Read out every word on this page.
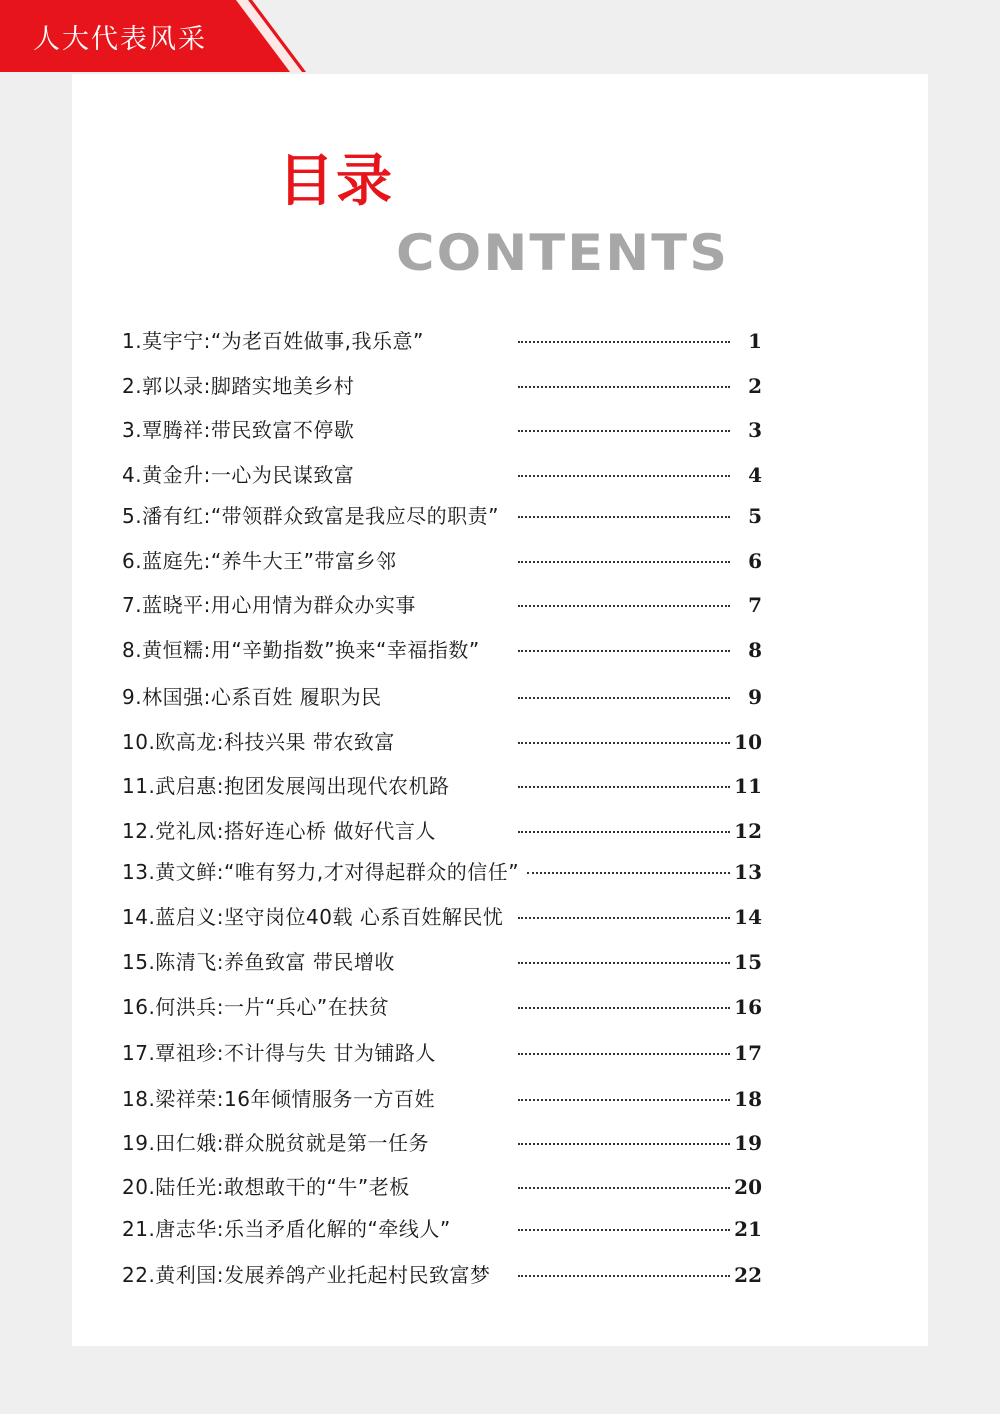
人大代表风采
目录
CONTENTS
1.莫宇宁:“为老百姓做事,我乐意”	1
2.郭以录:脚踏实地美乡村	2
3.覃腾祥:带民致富不停歇	3
4.黄金升:一心为民谋致富	4
5.潘有红:“带领群众致富是我应尽的职责”	5
6.蓝庭先:“养牛大王”带富乡邻	6
7.蓝晓平:用心用情为群众办实事	7
8.黄恒糯:用“辛勤指数”换来“幸福指数”	8
9.林国强:心系百姓 履职为民	9
10.欧高龙:科技兴果 带农致富	10
11.武启惠:抱团发展闯出现代农机路	11
12.党礼凤:搭好连心桥 做好代言人	12
13.黄文鲜:“唯有努力,才对得起群众的信任”	13
14.蓝启义:坚守岗位40载 心系百姓解民忧	14
15.陈清飞:养鱼致富 带民增收	15
16.何洪兵:一片“兵心”在扶贫	16
17.覃祖珍:不计得与失 甘为铺路人	17
18.梁祥荣:16年倾情服务一方百姓	18
19.田仁娥:群众脱贫就是第一任务	19
20.陆任光:敢想敢干的“牛”老板	20
21.唐志华:乐当矛盾化解的“牵线人”	21
22.黄利国:发展养鸽产业托起村民致富梦	22
